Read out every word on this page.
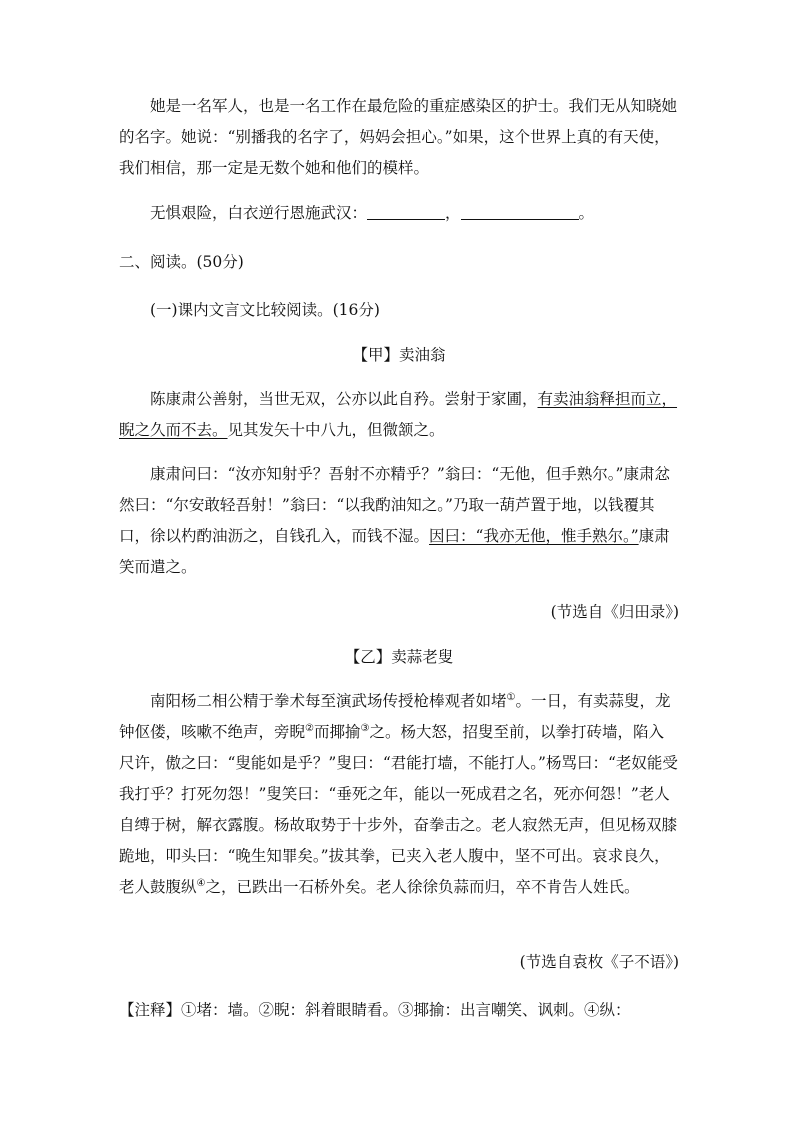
她是一名军人，也是一名工作在最危险的重症感染区的护士。我们无从知晓她的名字。她说：“别播我的名字了，妈妈会担心。”如果，这个世界上真的有天使，我们相信，那一定是无数个她和他们的模样。
无惧艰险，白衣逆行恩施武汉：	，	。
二、阅读。(50分)
(一)课内文言文比较阅读。(16分)
【甲】卖油翁
陈康肃公善射，当世无双，公亦以此自矜。尝射于家圃，有卖油翁释担而立，睨之久而不去。见其发矢十中八九，但微颔之。
康肃问曰：“汝亦知射乎？吾射不亦精乎？”翁曰：“无他，但手熟尔。”康肃忿然曰：“尔安敢轻吾射！”翁曰：“以我酌油知之。”乃取一葫芦置于地，以钱覆其口，徐以杓酌油沥之，自钱孔入，而钱不湿。因曰：“我亦无他，惟手熟尔。”康肃笑而遣之。
(节选自《归田录》)
【乙】卖蒜老叟
南阳杨二相公精于拳术每至演武场传授枪棒观者如堵①。一日，有卖蒜叟，龙钟伛偻，咳嗽不绝声，旁睨②而揶揄③之。杨大怒，招叟至前，以拳打砖墙，陷入尺许，傲之曰：“叟能如是乎？”叟曰：“君能打墙，不能打人。”杨骂曰：“老奴能受我打乎？打死勿怨！”叟笑曰：“垂死之年，能以一死成君之名，死亦何怨！”老人自缚于树，解衣露腹。杨故取势于十步外，奋拳击之。老人寂然无声，但见杨双膝跪地，叩头曰：“晚生知罪矣。”拔其拳，已夹入老人腹中，坚不可出。哀求良久，老人鼓腹纵④之，已跌出一石桥外矣。老人徐徐负蒜而归，卒不肯告人姓氏。
(节选自袁枚《子不语》)
【注释】①堵：墙。②睨：斜着眼睛看。③揶揄：出言嘲笑、讽刺。④纵：
